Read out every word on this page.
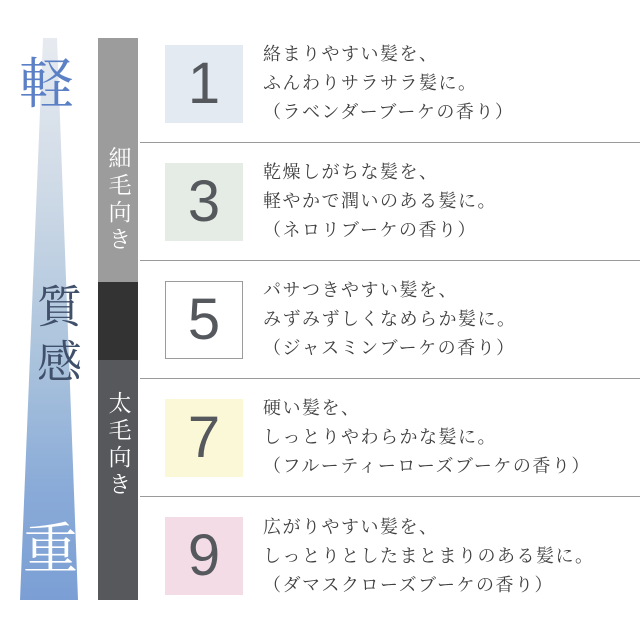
軽
質感
重
細毛向き
太毛向き
1 絡まりやすい髪を、
ふんわりサラサラ髪に。
（ラベンダーブーケの香り）
3 乾燥しがちな髪を、
軽やかで潤いのある髪に。
（ネロリブーケの香り）
5 パサつきやすい髪を、
みずみずしくなめらか髪に。
（ジャスミンブーケの香り）
7 硬い髪を、
しっとりやわらかな髪に。
（フルーティーローズブーケの香り）
9 広がりやすい髪を、
しっとりとしたまとまりのある髪に。
（ダマスクローズブーケの香り）
